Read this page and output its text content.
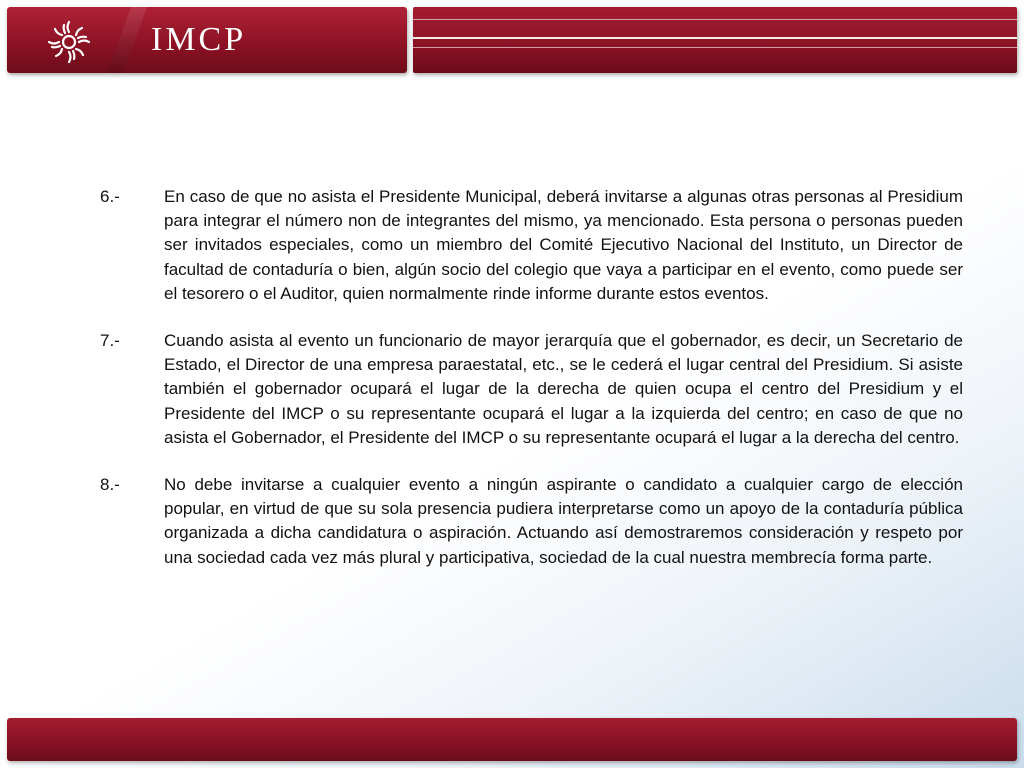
IMCP
6.-	En caso de que no asista el Presidente Municipal, deberá invitarse a algunas otras personas al Presidium para integrar el número non de integrantes del mismo, ya mencionado. Esta persona o personas pueden ser invitados especiales, como un miembro del Comité Ejecutivo Nacional del Instituto, un Director de facultad de contaduría o bien, algún socio del colegio que vaya a participar en el evento, como puede ser el tesorero o el Auditor, quien normalmente rinde informe durante estos eventos.
7.-	Cuando asista al evento un funcionario de mayor jerarquía que el gobernador, es decir, un Secretario de Estado, el Director de una empresa paraestatal, etc., se le cederá el lugar central del Presidium. Si asiste también el gobernador ocupará el lugar de la derecha de quien ocupa el centro del Presidium y el Presidente del IMCP o su representante ocupará el lugar a la izquierda del centro; en caso de que no asista el Gobernador, el Presidente del IMCP o su representante ocupará el lugar a la derecha del centro.
8.-	No debe invitarse a cualquier evento a ningún aspirante o candidato a cualquier cargo de elección popular, en virtud de que su sola presencia pudiera interpretarse como un apoyo de la contaduría pública organizada a dicha candidatura o aspiración. Actuando así demostraremos consideración y respeto por una sociedad cada vez más plural y participativa, sociedad de la cual nuestra membrecía forma parte.
